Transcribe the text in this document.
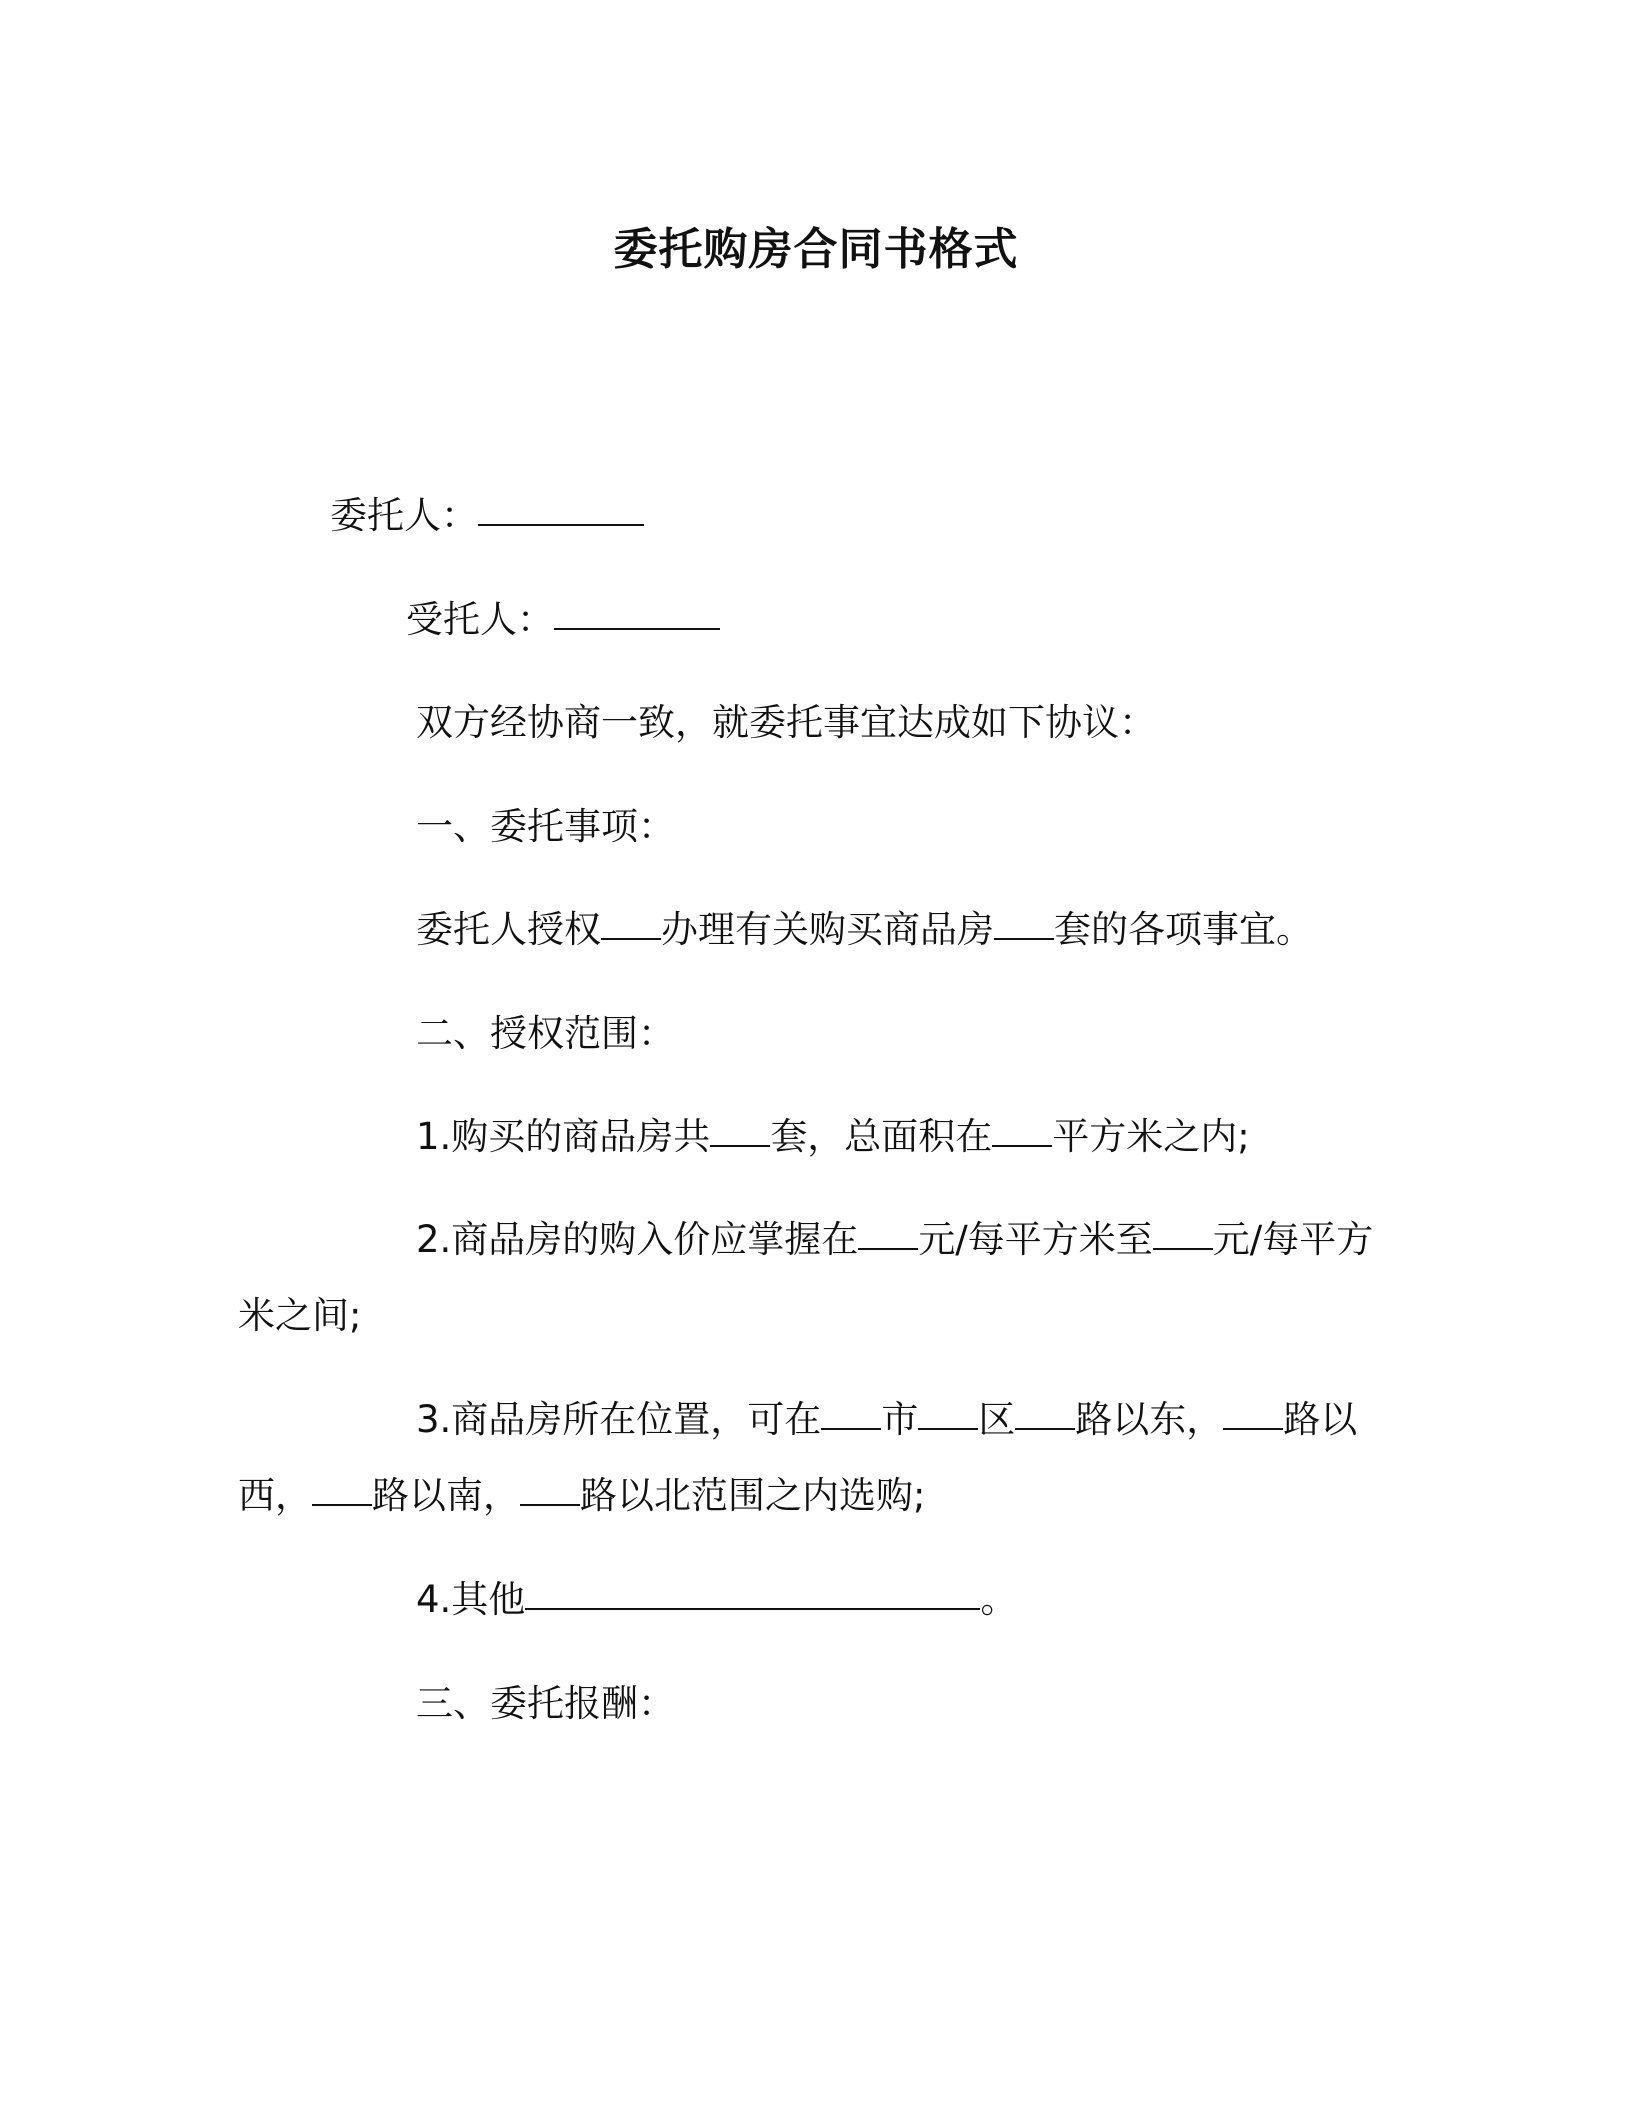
委托购房合同书格式
委托人：
受托人：
双方经协商一致，就委托事宜达成如下协议：
一、委托事项：
委托人授权 办理有关购买商品房 套的各项事宜。
二、授权范围：
1.购买的商品房共 套，总面积在 平方米之内;
2.商品房的购入价应掌握在 元/每平方米至 元/每平方
米之间;
3.商品房所在位置，可在 市 区 路以东， 路以
西， 路以南， 路以北范围之内选购;
4.其他	。
三、委托报酬：
